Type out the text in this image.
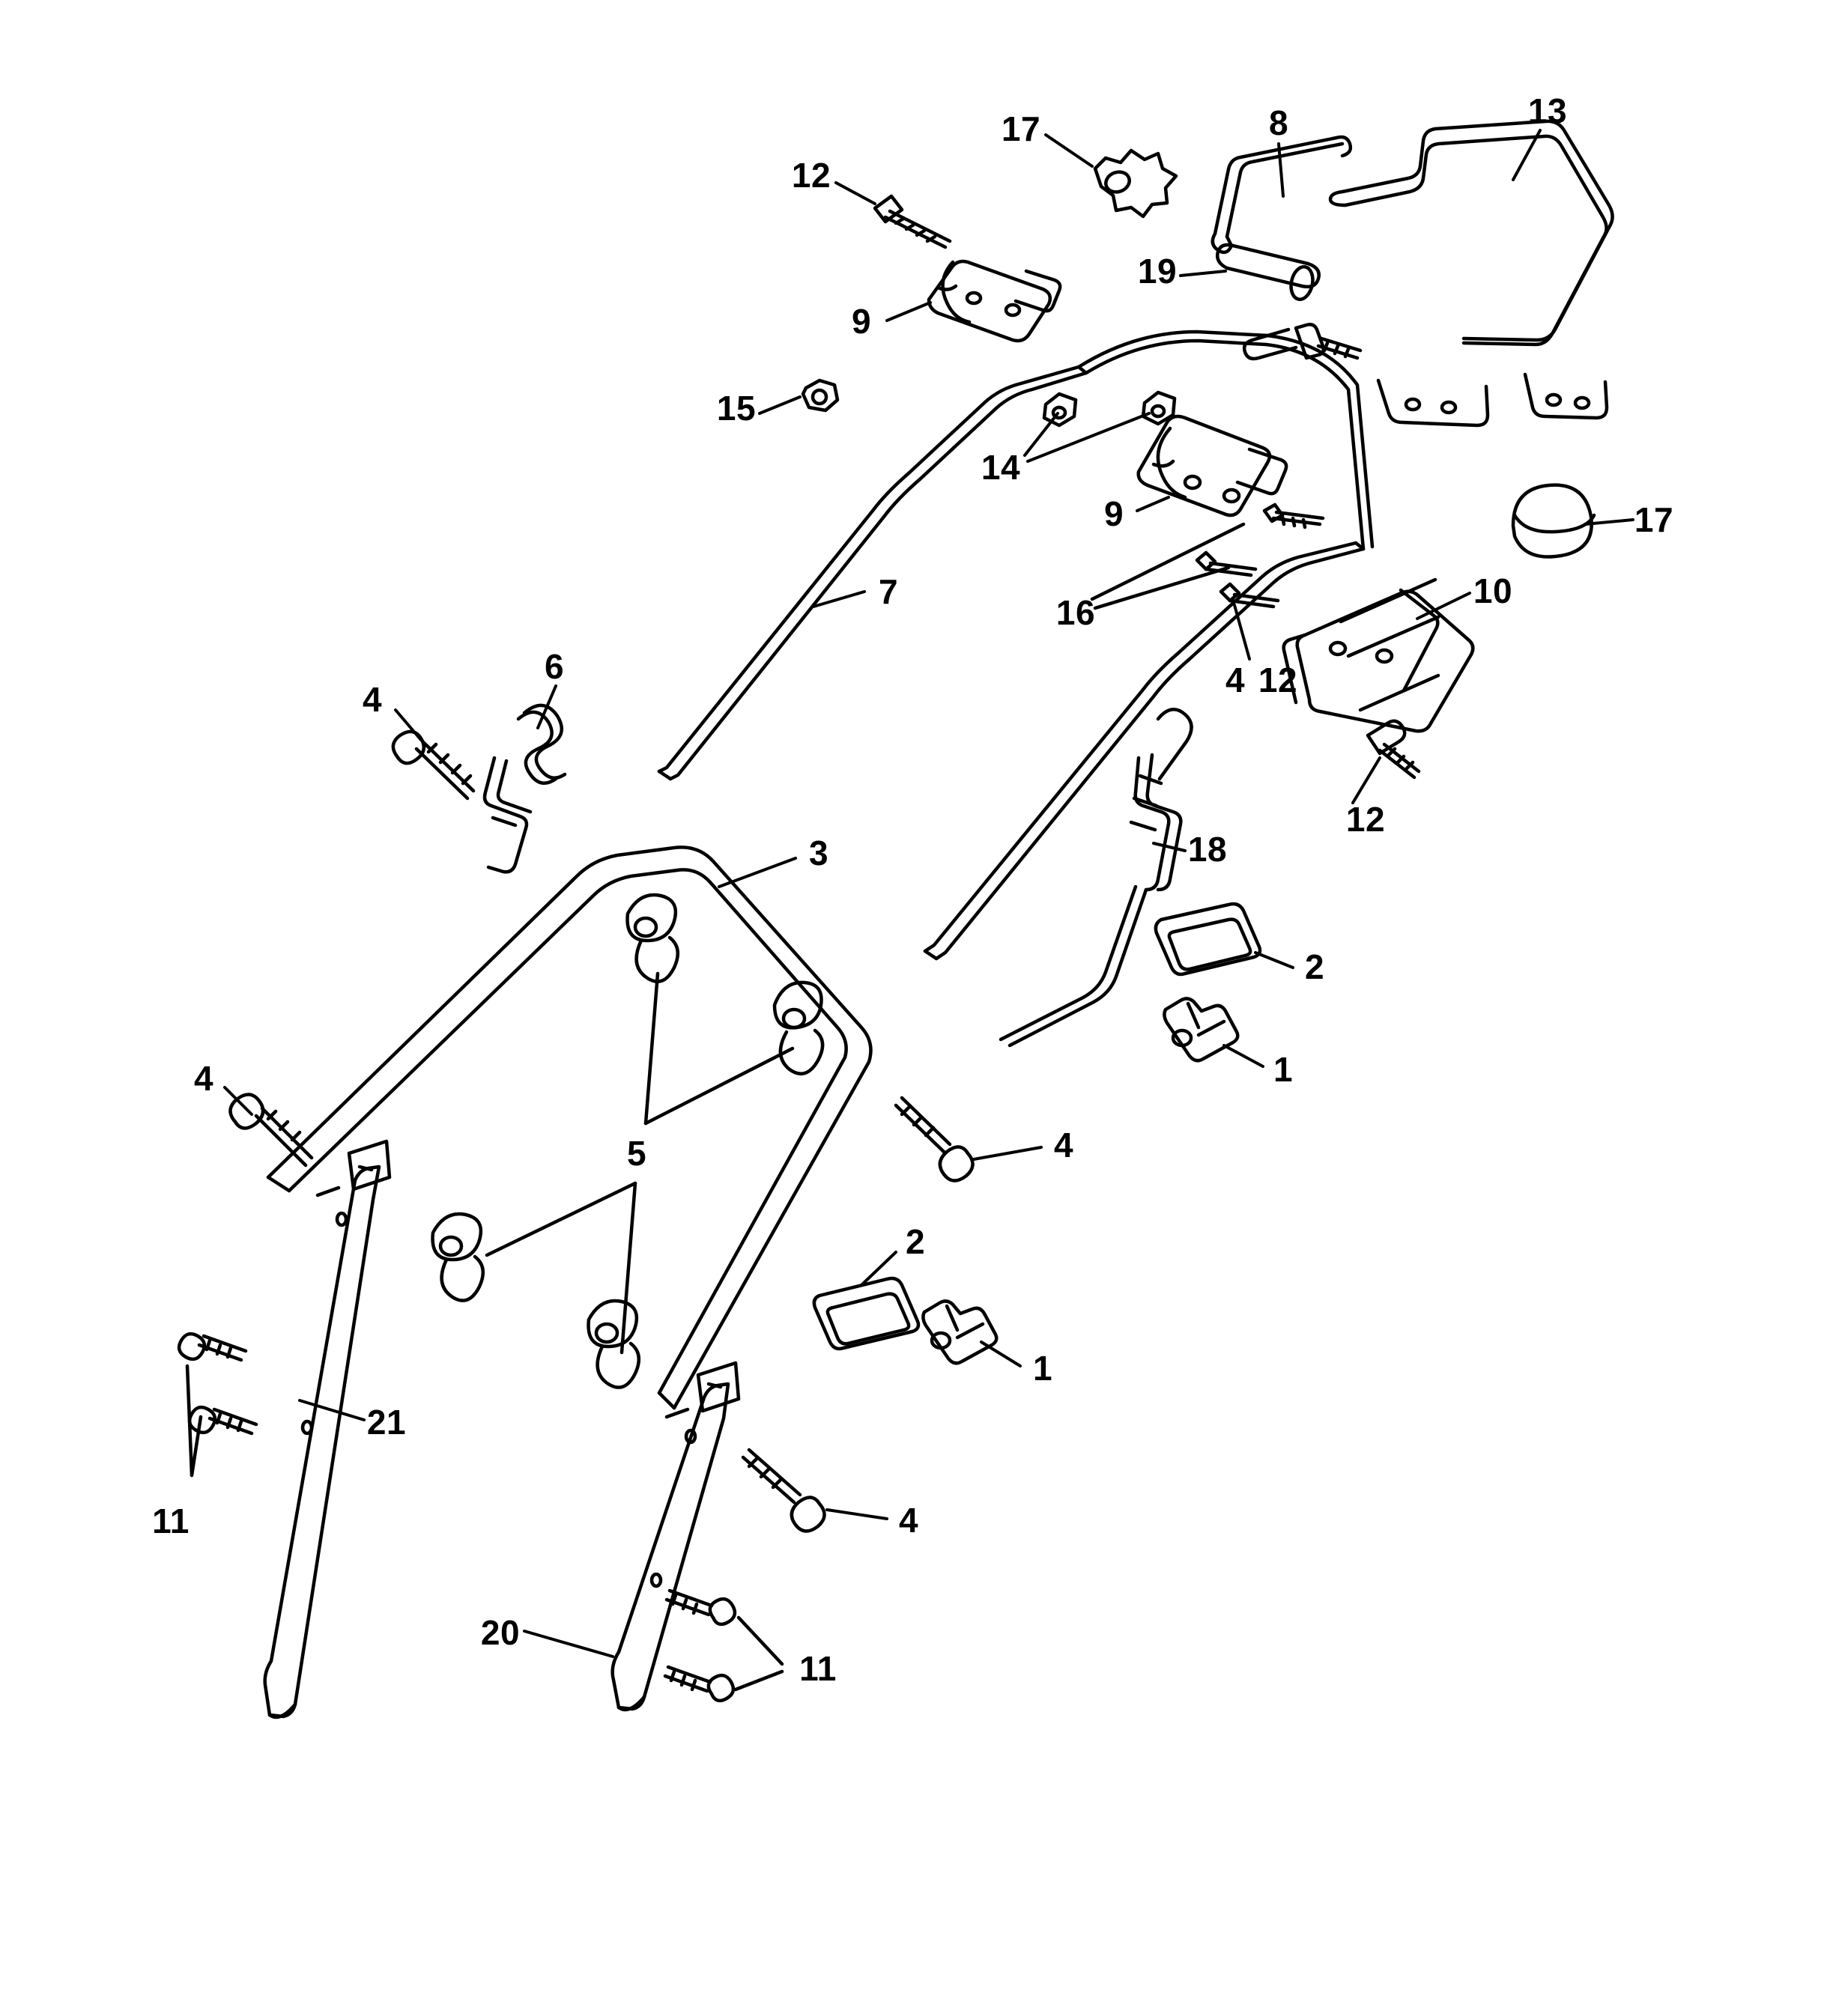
17	8	13
12
19
9
15
14
9	17
7
16
10
4 12
6
4
12
3	18
2
1
4
5	4
2
1
21
11	4
20
11
